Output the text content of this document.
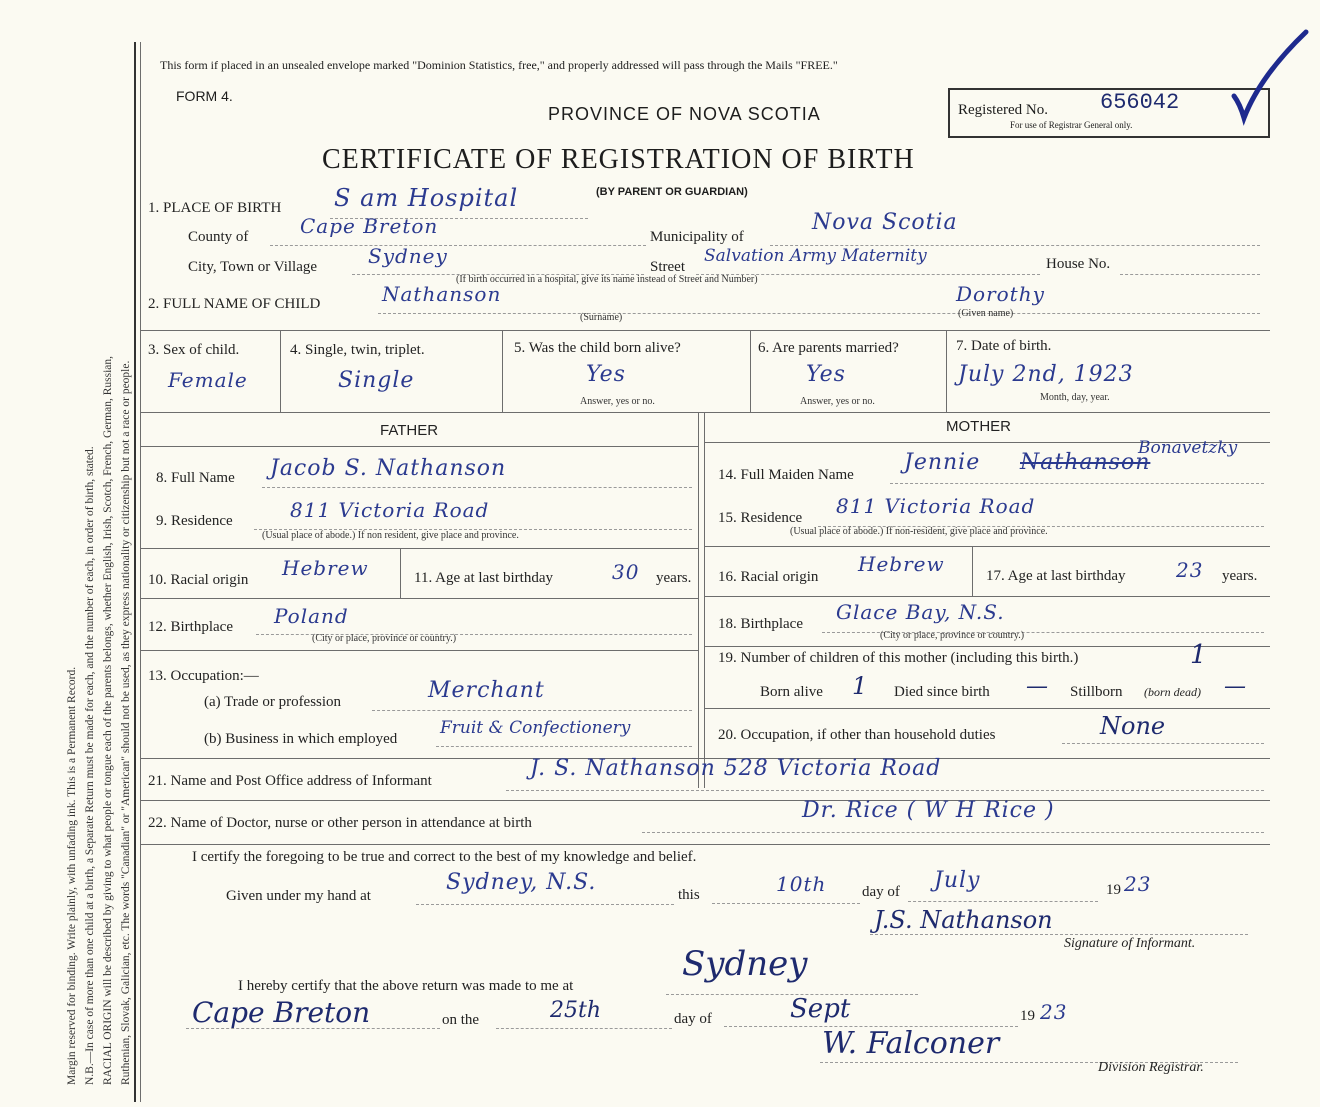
Margin reserved for binding. Write plainly, with unfading ink. This is a Permanent Record. N.B.—In case of more than one child at a birth, a Separate Return must be made for each, and the number of each, in order of birth, stated. RACIAL ORIGIN will be described by giving to what people or tongue each of the parents belongs, whether English, Irish, Scotch, French, German, Russian, Ruthenian, Slovak, Galician, etc. The words "Canadian" or "American" should not be used, as they express nationality or citizenship but not a race or people.
This form if placed in an unsealed envelope marked "Dominion Statistics, free," and properly addressed will pass through the Mails "FREE."
FORM 4.
PROVINCE OF NOVA SCOTIA
CERTIFICATE OF REGISTRATION OF BIRTH
(BY PARENT OR GUARDIAN)
Registered No. 656042
For use of Registrar General only.
1. PLACE OF BIRTH S am Hospital
County of	Cape Breton	Municipality of
Nova Scotia
City, Town or Village	Sydney	Street
Salvation Army Maternity	House No.
(If birth occurred in a hospital, give its name instead of Street and Number)
2. FULL NAME OF CHILD	Nathanson	Dorothy
(Surname)	(Given name)
3. Sex of child.
Female
4. Single, twin, triplet.
Single
5. Was the child born alive?
Yes
Answer, yes or no.
6. Are parents married?
Yes
Answer, yes or no.
7. Date of birth.
July 2nd, 1923
Month, day, year.
FATHER	MOTHER
8. Full Name Jacob S. Nathanson
9. Residence	811 Victoria Road
(Usual place of abode.) If non resident, give place and province.
10. Racial origin Hebrew	11. Age at last birthday	30 years.
12. Birthplace Poland
(City or place, province or country.)
13. Occupation:—
(a) Trade or profession	Merchant
(b) Business in which employed
Fruit & Confectionery
14. Full Maiden Name Jennie Nathanson
Bonavetzky
15. Residence 811 Victoria Road
(Usual place of abode.) If non-resident, give place and province.
16. Racial origin
Hebrew	17. Age at last birthday	23 years.
18. Birthplace Glace Bay, N.S.
(City or place, province or country.)
19. Number of children of this mother (including this birth.)	1
Born alive 1 Died since birth — Stillborn (born dead) —
20. Occupation, if other than household duties	None
21. Name and Post Office address of Informant	J. S. Nathanson 528 Victoria Road
22. Name of Doctor, nurse or other person in attendance at birth	Dr. Rice ( W H Rice )
I certify the foregoing to be true and correct to the best of my knowledge and belief.
Given under my hand at
Sydney, N.S.	this	10th day of July	19 23
J.S. Nathanson
Signature of Informant.
I hereby certify that the above return was made to me at
Sydney
Cape Breton	on the	25th	day of	Sept	19 23
W. Falconer
Division Registrar.
